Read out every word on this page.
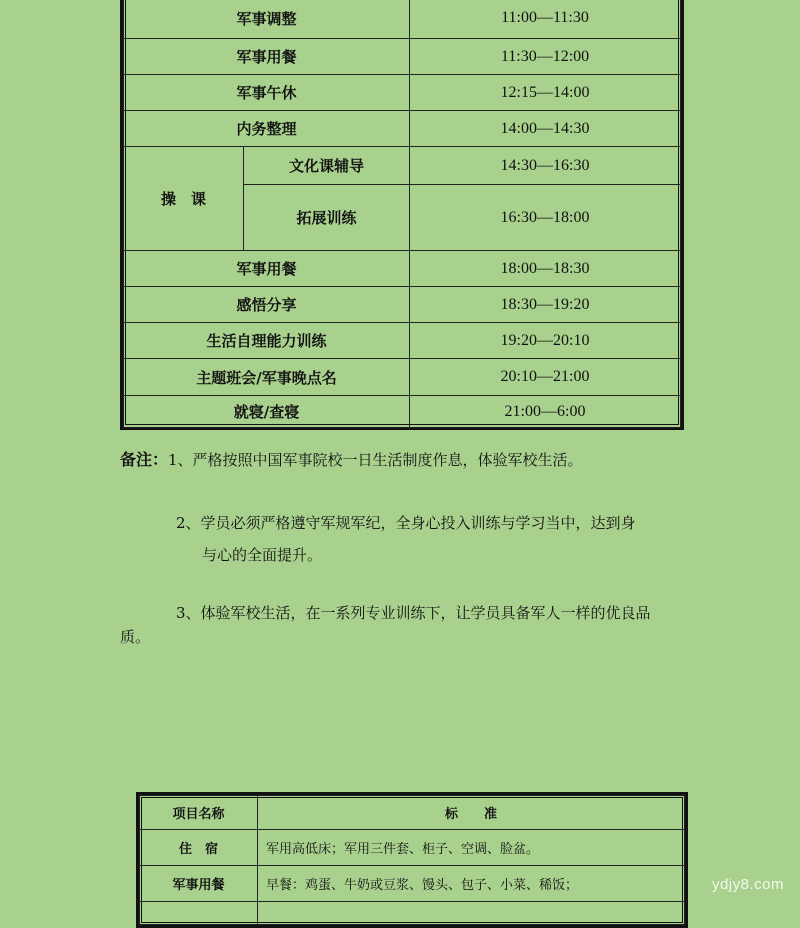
军事调整		11:00—11:30
军事用餐		11:30—12:00
军事午休		12:15—14:00
内务整理		14:00—14:30
操　课	文化课辅导	14:30—16:30
	拓展训练	16:30—18:00
军事用餐		18:00—18:30
感悟分享		18:30—19:20
生活自理能力训练		19:20—20:10
主题班会/军事晚点名		20:10—21:00
就寝/查寝		21:00—6:00
备注：1、严格按照中国军事院校一日生活制度作息，体验军校生活。
2、学员必须严格遵守军规军纪，全身心投入训练与学习当中，达到身
与心的全面提升。
3、体验军校生活，在一系列专业训练下，让学员具备军人一样的优良品
质。
项目名称	标　　准
住　宿	军用高低床；军用三件套、柜子、空调、脸盆。
军事用餐	早餐：鸡蛋、牛奶或豆浆、馒头、包子、小菜、稀饭；
		ydjy8.com
